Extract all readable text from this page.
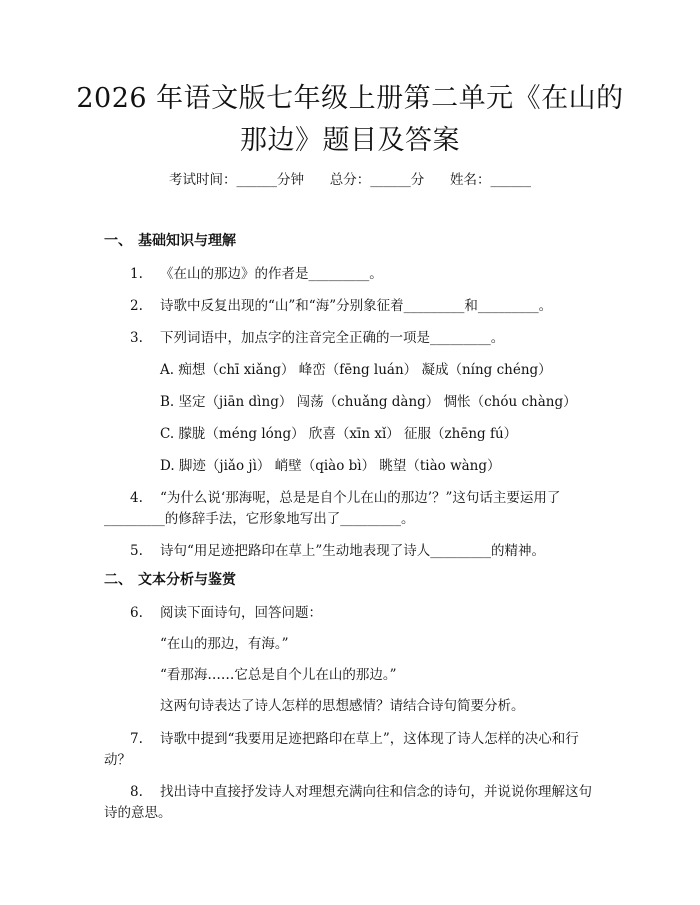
2026 年语文版七年级上册第二单元《在山的
那边》题目及答案
考试时间：______分钟 总分：______分 姓名：______
一、 基础知识与理解
1. 《在山的那边》的作者是_________。
2. 诗歌中反复出现的“山”和“海”分别象征着_________和_________。
3. 下列词语中，加点字的注音完全正确的一项是_________。
A. 痴想（chī xiǎng） 峰峦（fēng luán） 凝成（níng chéng）
B. 坚定（jiān dìng） 闯荡（chuǎng dàng） 惆怅（chóu chàng）
C. 朦胧（méng lóng） 欣喜（xīn xǐ） 征服（zhēng fú）
D. 脚迹（jiǎo jì） 峭壁（qiào bì） 眺望（tiào wàng）
4. “为什么说‘那海呢，总是是自个儿在山的那边’？”这句话主要运用了
_________的修辞手法，它形象地写出了_________。
5. 诗句“用足迹把路印在草上”生动地表现了诗人_________的精神。
二、 文本分析与鉴赏
6. 阅读下面诗句，回答问题：
“在山的那边，有海。”
“看那海……它总是自个儿在山的那边。”
这两句诗表达了诗人怎样的思想感情？请结合诗句简要分析。
7. 诗歌中提到“我要用足迹把路印在草上”，这体现了诗人怎样的决心和行
动？
8. 找出诗中直接抒发诗人对理想充满向往和信念的诗句，并说说你理解这句
诗的意思。
